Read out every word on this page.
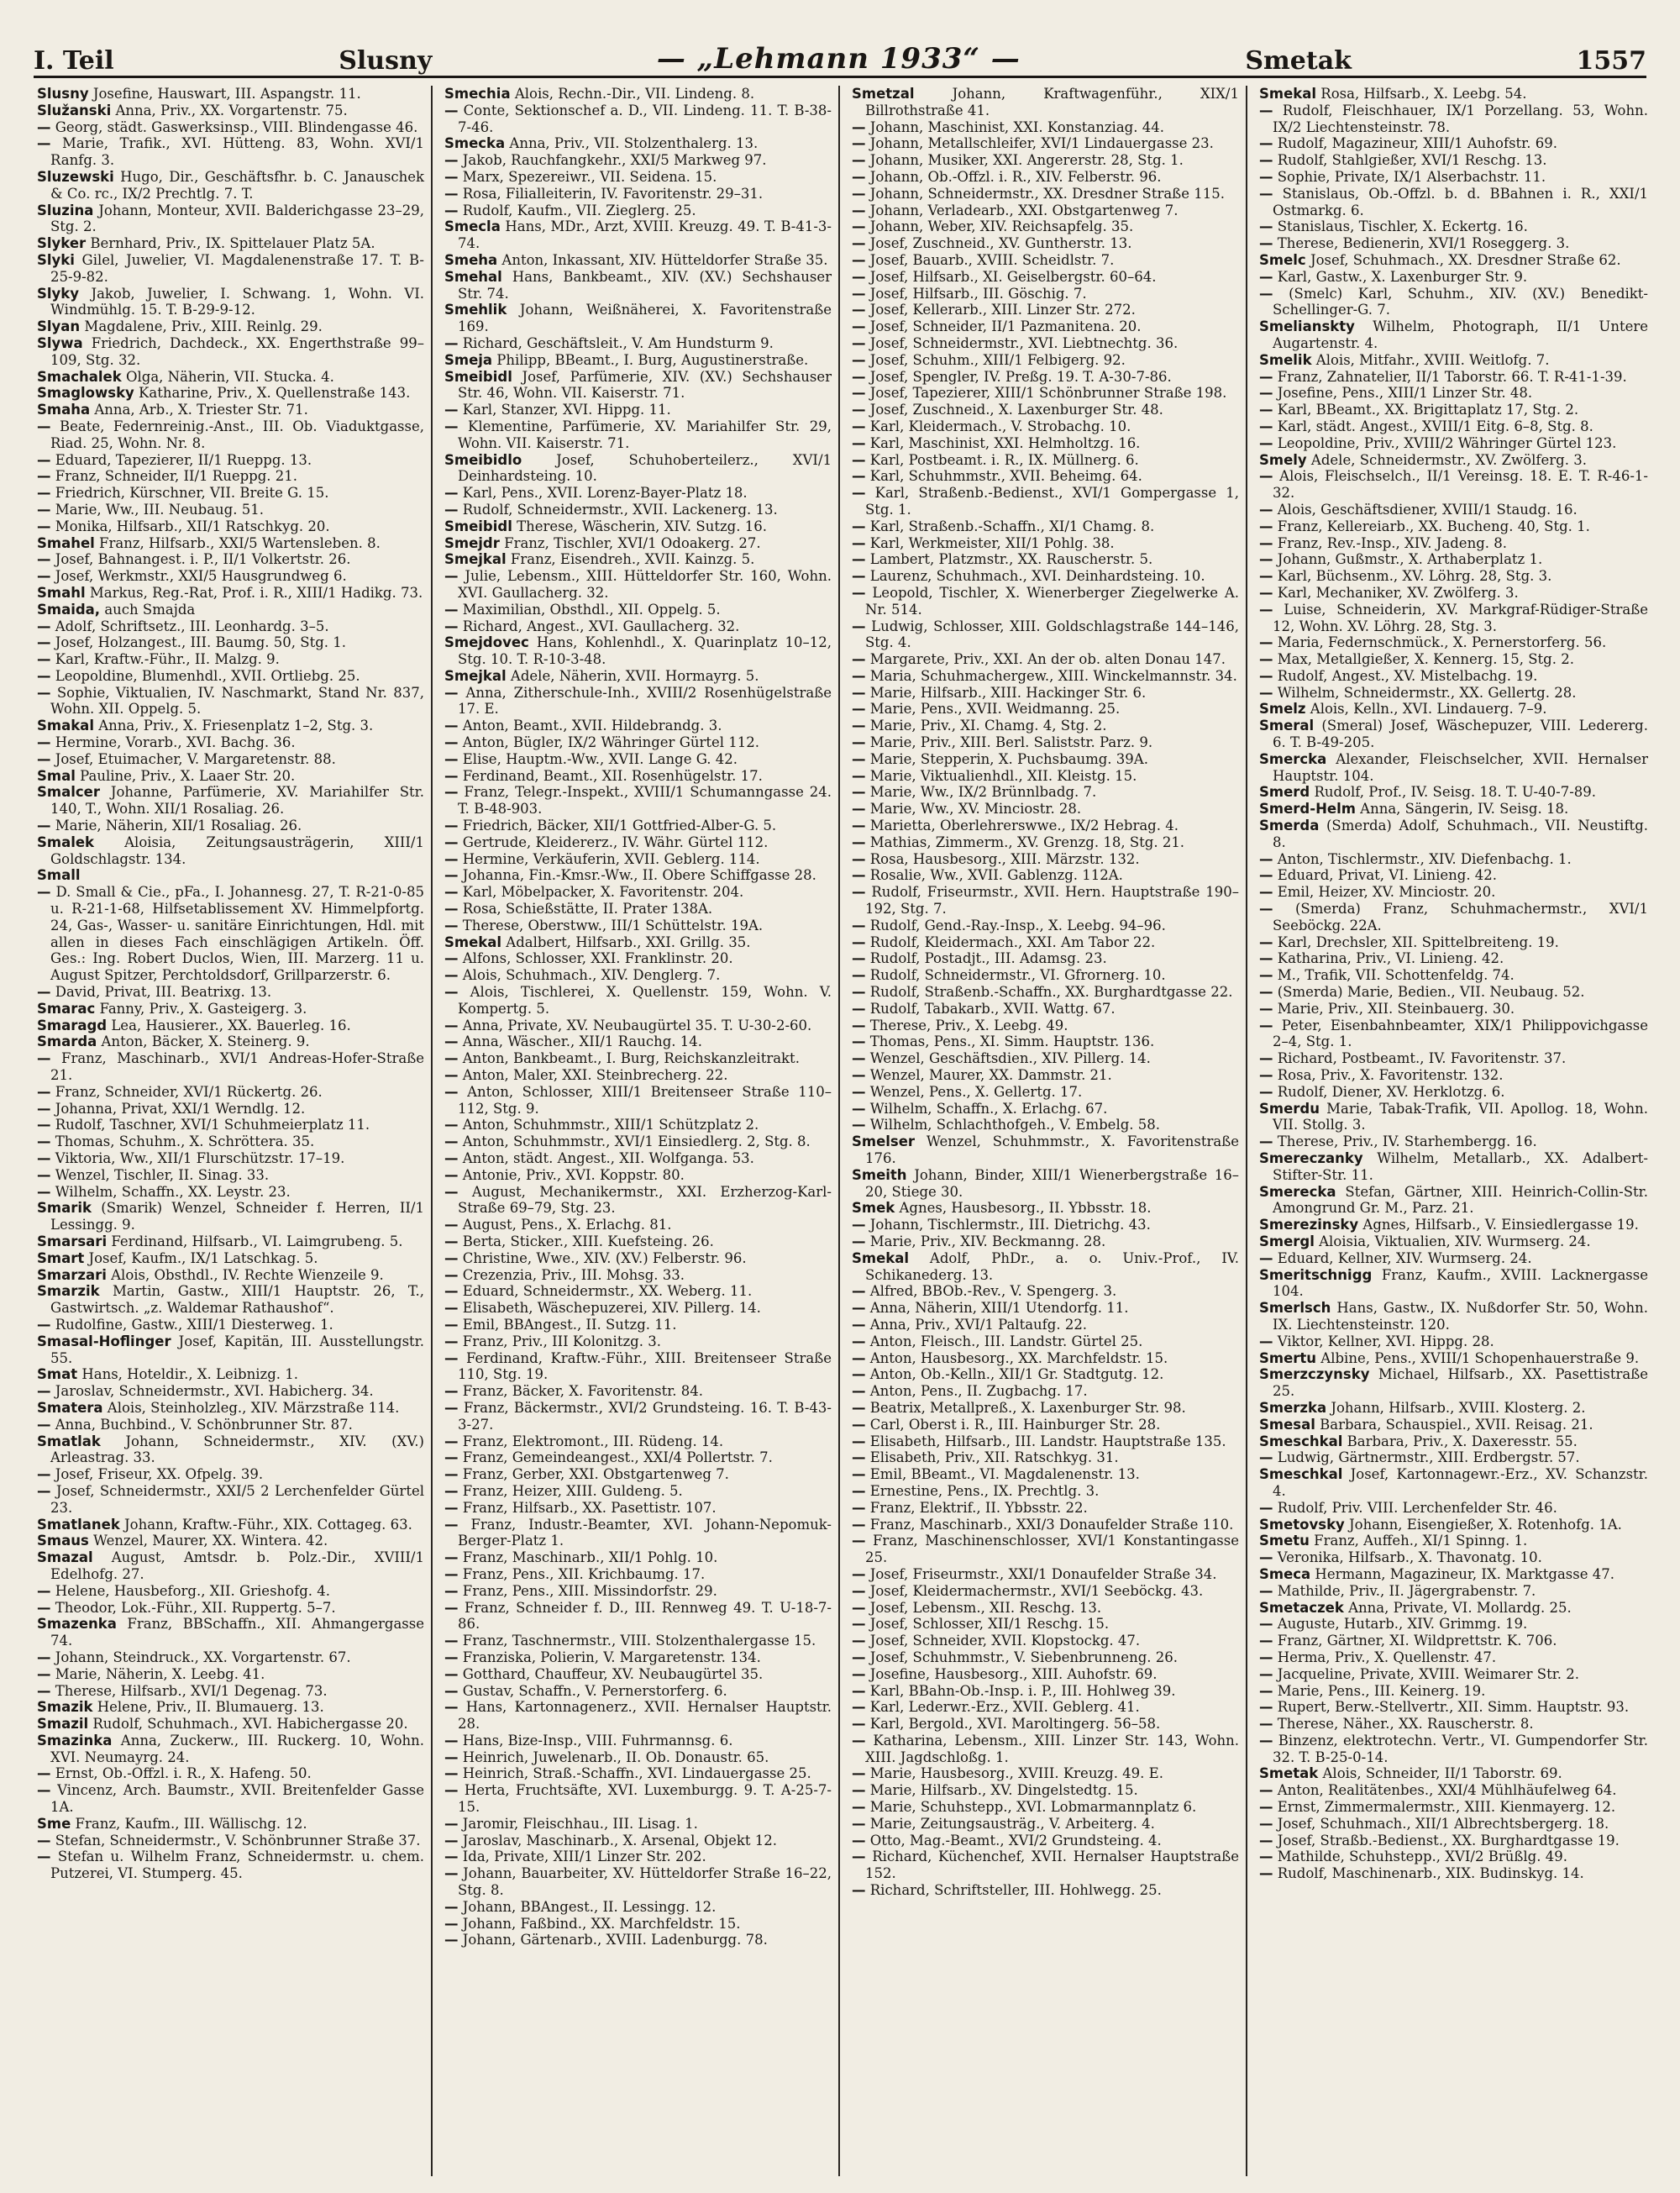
I. Teil	Slusny	— „Lehmann 1933“ —	Smetak	1557
Slusny Josefine, Hauswart, III. Aspangstr. 11.
Služanski Anna, Priv., XX. Vorgartenstr. 75.
— Georg, städt. Gaswerksinsp., VIII. Blindengasse 46.
— Marie, Trafik., XVI. Hütteng. 83, Wohn. XVI/1 Ranfg. 3.
Sluzewski Hugo, Dir., Geschäftsfhr. b. C. Janauschek & Co. rc., IX/2 Prechtlg. 7. T.
Sluzina Johann, Monteur, XVII. Balderichgasse 23–29, Stg. 2.
Slyker Bernhard, Priv., IX. Spittelauer Platz 5A.
Slyki Gilel, Juwelier, VI. Magdalenenstraße 17. T. B-25-9-82.
Slyky Jakob, Juwelier, I. Schwang. 1, Wohn. VI. Windmühlg. 15. T. B-29-9-12.
Slyan Magdalene, Priv., XIII. Reinlg. 29.
Slywa Friedrich, Dachdeck., XX. Engerthstraße 99–109, Stg. 32.
Smachalek Olga, Näherin, VII. Stucka. 4.
Smaglowsky Katharine, Priv., X. Quellenstraße 143.
Smaha Anna, Arb., X. Triester Str. 71.
— Beate, Federnreinig.-Anst., III. Ob. Viaduktgasse, Riad. 25, Wohn. Nr. 8.
— Eduard, Tapezierer, II/1 Rueppg. 13.
— Franz, Schneider, II/1 Rueppg. 21.
— Friedrich, Kürschner, VII. Breite G. 15.
— Marie, Ww., III. Neubaug. 51.
— Monika, Hilfsarb., XII/1 Ratschkyg. 20.
Smahel Franz, Hilfsarb., XXI/5 Wartensleben. 8.
— Josef, Bahnangest. i. P., II/1 Volkertstr. 26.
— Josef, Werkmstr., XXI/5 Hausgrundweg 6.
Smahl Markus, Reg.-Rat, Prof. i. R., XIII/1 Hadikg. 73.
Smaida, auch Smajda
— Adolf, Schriftsetz., III. Leonhardg. 3–5.
— Josef, Holzangest., III. Baumg. 50, Stg. 1.
— Karl, Kraftw.-Führ., II. Malzg. 9.
— Leopoldine, Blumenhdl., XVII. Ortliebg. 25.
— Sophie, Viktualien, IV. Naschmarkt, Stand Nr. 837, Wohn. XII. Oppelg. 5.
Smakal Anna, Priv., X. Friesenplatz 1–2, Stg. 3.
— Hermine, Vorarb., XVI. Bachg. 36.
— Josef, Etuimacher, V. Margaretenstr. 88.
Smal Pauline, Priv., X. Laaer Str. 20.
Smalcer Johanne, Parfümerie, XV. Mariahilfer Str. 140, T., Wohn. XII/1 Rosaliag. 26.
— Marie, Näherin, XII/1 Rosaliag. 26.
Smalek Aloisia, Zeitungsausträgerin, XIII/1 Goldschlagstr. 134.
Small
— D. Small & Cie., pFa., I. Johannesg. 27, T. R-21-0-85 u. R-21-1-68, Hilfsetablissement XV. Himmelpfortg. 24, Gas-, Wasser- u. sanitäre Einrichtungen, Hdl. mit allen in dieses Fach einschlägigen Artikeln. Öff. Ges.: Ing. Robert Duclos, Wien, III. Marzerg. 11 u. August Spitzer, Perchtoldsdorf, Grillparzerstr. 6.
— David, Privat, III. Beatrixg. 13.
Smarac Fanny, Priv., X. Gasteigerg. 3.
Smaragd Lea, Hausierer., XX. Bauerleg. 16.
Smarda Anton, Bäcker, X. Steinerg. 9.
— Franz, Maschinarb., XVI/1 Andreas-Hofer-Straße 21.
— Franz, Schneider, XVI/1 Rückertg. 26.
— Johanna, Privat, XXI/1 Werndlg. 12.
— Rudolf, Taschner, XVI/1 Schuhmeierplatz 11.
— Thomas, Schuhm., X. Schröttera. 35.
— Viktoria, Ww., XII/1 Flurschützstr. 17–19.
— Wenzel, Tischler, II. Sinag. 33.
— Wilhelm, Schaffn., XX. Leystr. 23.
Smarik (Smarik) Wenzel, Schneider f. Herren, II/1 Lessingg. 9.
Smarsari Ferdinand, Hilfsarb., VI. Laimgrubeng. 5.
Smart Josef, Kaufm., IX/1 Latschkag. 5.
Smarzari Alois, Obsthdl., IV. Rechte Wienzeile 9.
Smarzik Martin, Gastw., XIII/1 Hauptstr. 26, T., Gastwirtsch. „z. Waldemar Rathaushof“.
— Rudolfine, Gastw., XIII/1 Diesterweg. 1.
Smasal-Hoflinger Josef, Kapitän, III. Ausstellungstr. 55.
Smat Hans, Hoteldir., X. Leibnizg. 1.
— Jaroslav, Schneidermstr., XVI. Habicherg. 34.
Smatera Alois, Steinholzleg., XIV. Märzstraße 114.
— Anna, Buchbind., V. Schönbrunner Str. 87.
Smatlak Johann, Schneidermstr., XIV. (XV.) Arleastrag. 33.
— Josef, Friseur, XX. Ofpelg. 39.
— Josef, Schneidermstr., XXI/5 2 Lerchenfelder Gürtel 23.
Smatlanek Johann, Kraftw.-Führ., XIX. Cottageg. 63.
Smaus Wenzel, Maurer, XX. Wintera. 42.
Smazal August, Amtsdr. b. Polz.-Dir., XVIII/1 Edelhofg. 27.
— Helene, Hausbeforg., XII. Grieshofg. 4.
— Theodor, Lok.-Führ., XII. Ruppertg. 5–7.
Smazenka Franz, BBSchaffn., XII. Ahmangergasse 74.
— Johann, Steindruck., XX. Vorgartenstr. 67.
— Marie, Näherin, X. Leebg. 41.
— Therese, Hilfsarb., XVI/1 Degenag. 73.
Smazik Helene, Priv., II. Blumauerg. 13.
Smazil Rudolf, Schuhmach., XVI. Habichergasse 20.
Smazinka Anna, Zuckerw., III. Ruckerg. 10, Wohn. XVI. Neumayrg. 24.
— Ernst, Ob.-Offzl. i. R., X. Hafeng. 50.
— Vincenz, Arch. Baumstr., XVII. Breitenfelder Gasse 1A.
Sme Franz, Kaufm., III. Wällischg. 12.
— Stefan, Schneidermstr., V. Schönbrunner Straße 37.
— Stefan u. Wilhelm Franz, Schneidermstr. u. chem. Putzerei, VI. Stumperg. 45.
Smechia Alois, Rechn.-Dir., VII. Lindeng. 8.
— Conte, Sektionschef a. D., VII. Lindeng. 11. T. B-38-7-46.
Smecka Anna, Priv., VII. Stolzenthalerg. 13.
— Jakob, Rauchfangkehr., XXI/5 Markweg 97.
— Marx, Spezereiwr., VII. Seidena. 15.
— Rosa, Filialleiterin, IV. Favoritenstr. 29–31.
— Rudolf, Kaufm., VII. Zieglerg. 25.
Smecla Hans, MDr., Arzt, XVIII. Kreuzg. 49. T. B-41-3-74.
Smeha Anton, Inkassant, XIV. Hütteldorfer Straße 35.
Smehal Hans, Bankbeamt., XIV. (XV.) Sechshauser Str. 74.
Smehlik Johann, Weißnäherei, X. Favoritenstraße 169.
— Richard, Geschäftsleit., V. Am Hundsturm 9.
Smeja Philipp, BBeamt., I. Burg, Augustinerstraße.
Smeibidl Josef, Parfümerie, XIV. (XV.) Sechshauser Str. 46, Wohn. VII. Kaiserstr. 71.
— Karl, Stanzer, XVI. Hippg. 11.
— Klementine, Parfümerie, XV. Mariahilfer Str. 29, Wohn. VII. Kaiserstr. 71.
Smeibidlo Josef, Schuhoberteilerz., XVI/1 Deinhardsteing. 10.
— Karl, Pens., XVII. Lorenz-Bayer-Platz 18.
— Rudolf, Schneidermstr., XVII. Lackenerg. 13.
Smeibidl Therese, Wäscherin, XIV. Sutzg. 16.
Smejdr Franz, Tischler, XVI/1 Odoakerg. 27.
Smejkal Franz, Eisendreh., XVII. Kainzg. 5.
— Julie, Lebensm., XIII. Hütteldorfer Str. 160, Wohn. XVI. Gaullacherg. 32.
— Maximilian, Obsthdl., XII. Oppelg. 5.
— Richard, Angest., XVI. Gaullacherg. 32.
Smejdovec Hans, Kohlenhdl., X. Quarinplatz 10–12, Stg. 10. T. R-10-3-48.
Smejkal Adele, Näherin, XVII. Hormayrg. 5.
— Anna, Zitherschule-Inh., XVIII/2 Rosenhügelstraße 17. E.
— Anton, Beamt., XVII. Hildebrandg. 3.
— Anton, Bügler, IX/2 Währinger Gürtel 112.
— Elise, Hauptm.-Ww., XVII. Lange G. 42.
— Ferdinand, Beamt., XII. Rosenhügelstr. 17.
— Franz, Telegr.-Inspekt., XVIII/1 Schumanngasse 24. T. B-48-903.
— Friedrich, Bäcker, XII/1 Gottfried-Alber-G. 5.
— Gertrude, Kleidererz., IV. Währ. Gürtel 112.
— Hermine, Verkäuferin, XVII. Geblerg. 114.
— Johanna, Fin.-Kmsr.-Ww., II. Obere Schiffgasse 28.
— Karl, Möbelpacker, X. Favoritenstr. 204.
— Rosa, Schießstätte, II. Prater 138A.
— Therese, Oberstww., III/1 Schüttelstr. 19A.
Smekal Adalbert, Hilfsarb., XXI. Grillg. 35.
— Alfons, Schlosser, XXI. Franklinstr. 20.
— Alois, Schuhmach., XIV. Denglerg. 7.
— Alois, Tischlerei, X. Quellenstr. 159, Wohn. V. Kompertg. 5.
— Anna, Private, XV. Neubaugürtel 35. T. U-30-2-60.
— Anna, Wäscher., XII/1 Rauchg. 14.
— Anton, Bankbeamt., I. Burg, Reichskanzleitrakt.
— Anton, Maler, XXI. Steinbrecherg. 22.
— Anton, Schlosser, XIII/1 Breitenseer Straße 110–112, Stg. 9.
— Anton, Schuhmmstr., XIII/1 Schützplatz 2.
— Anton, Schuhmmstr., XVI/1 Einsiedlerg. 2, Stg. 8.
— Anton, städt. Angest., XII. Wolfganga. 53.
— Antonie, Priv., XVI. Koppstr. 80.
— August, Mechanikermstr., XXI. Erzherzog-Karl-Straße 69–79, Stg. 23.
— August, Pens., X. Erlachg. 81.
— Berta, Sticker., XIII. Kuefsteing. 26.
— Christine, Wwe., XIV. (XV.) Felberstr. 96.
— Crezenzia, Priv., III. Mohsg. 33.
— Eduard, Schneidermstr., XX. Weberg. 11.
— Elisabeth, Wäschepuzerei, XIV. Pillerg. 14.
— Emil, BBAngest., II. Sutzg. 11.
— Franz, Priv., III Kolonitzg. 3.
— Ferdinand, Kraftw.-Führ., XIII. Breitenseer Straße 110, Stg. 19.
— Franz, Bäcker, X. Favoritenstr. 84.
— Franz, Bäckermstr., XVI/2 Grundsteing. 16. T. B-43-3-27.
— Franz, Elektromont., III. Rüdeng. 14.
— Franz, Gemeindeangest., XXI/4 Pollertstr. 7.
— Franz, Gerber, XXI. Obstgartenweg 7.
— Franz, Heizer, XIII. Guldeng. 5.
— Franz, Hilfsarb., XX. Pasettistr. 107.
— Franz, Industr.-Beamter, XVI. Johann-Nepomuk-Berger-Platz 1.
— Franz, Maschinarb., XII/1 Pohlg. 10.
— Franz, Pens., XII. Krichbaumg. 17.
— Franz, Pens., XIII. Missindorfstr. 29.
— Franz, Schneider f. D., III. Rennweg 49. T. U-18-7-86.
— Franz, Taschnermstr., VIII. Stolzenthalergasse 15.
— Franziska, Polierin, V. Margaretenstr. 134.
— Gotthard, Chauffeur, XV. Neubaugürtel 35.
— Gustav, Schaffn., V. Pernerstorferg. 6.
— Hans, Kartonnagenerz., XVII. Hernalser Hauptstr. 28.
— Hans, Bize-Insp., VIII. Fuhrmannsg. 6.
— Heinrich, Juwelenarb., II. Ob. Donaustr. 65.
— Heinrich, Straß.-Schaffn., XVI. Lindauergasse 25.
— Herta, Fruchtsäfte, XVI. Luxemburgg. 9. T. A-25-7-15.
— Jaromir, Fleischhau., III. Lisag. 1.
— Jaroslav, Maschinarb., X. Arsenal, Objekt 12.
— Ida, Private, XIII/1 Linzer Str. 202.
— Johann, Bauarbeiter, XV. Hütteldorfer Straße 16–22, Stg. 8.
— Johann, BBAngest., II. Lessingg. 12.
— Johann, Faßbind., XX. Marchfeldstr. 15.
— Johann, Gärtenarb., XVIII. Ladenburgg. 78.
Smetzal Johann, Kraftwagenführ., XIX/1 Billrothstraße 41.
— Johann, Maschinist, XXI. Konstanziag. 44.
— Johann, Metallschleifer, XVI/1 Lindauergasse 23.
— Johann, Musiker, XXI. Angererstr. 28, Stg. 1.
— Johann, Ob.-Offzl. i. R., XIV. Felberstr. 96.
— Johann, Schneidermstr., XX. Dresdner Straße 115.
— Johann, Verladearb., XXI. Obstgartenweg 7.
— Johann, Weber, XIV. Reichsapfelg. 35.
— Josef, Zuschneid., XV. Guntherstr. 13.
— Josef, Bauarb., XVIII. Scheidlstr. 7.
— Josef, Hilfsarb., XI. Geiselbergstr. 60–64.
— Josef, Hilfsarb., III. Göschig. 7.
— Josef, Kellerarb., XIII. Linzer Str. 272.
— Josef, Schneider, II/1 Pazmanitena. 20.
— Josef, Schneidermstr., XVI. Liebtnechtg. 36.
— Josef, Schuhm., XIII/1 Felbigerg. 92.
— Josef, Spengler, IV. Preßg. 19. T. A-30-7-86.
— Josef, Tapezierer, XIII/1 Schönbrunner Straße 198.
— Josef, Zuschneid., X. Laxenburger Str. 48.
— Karl, Kleidermach., V. Strobachg. 10.
— Karl, Maschinist, XXI. Helmholtzg. 16.
— Karl, Postbeamt. i. R., IX. Müllnerg. 6.
— Karl, Schuhmmstr., XVII. Beheimg. 64.
— Karl, Straßenb.-Bedienst., XVI/1 Gompergasse 1, Stg. 1.
— Karl, Straßenb.-Schaffn., XI/1 Chamg. 8.
— Karl, Werkmeister, XII/1 Pohlg. 38.
— Lambert, Platzmstr., XX. Rauscherstr. 5.
— Laurenz, Schuhmach., XVI. Deinhardsteing. 10.
— Leopold, Tischler, X. Wienerberger Ziegelwerke A. Nr. 514.
— Ludwig, Schlosser, XIII. Goldschlagstraße 144–146, Stg. 4.
— Margarete, Priv., XXI. An der ob. alten Donau 147.
— Maria, Schuhmachergew., XIII. Winckelmannstr. 34.
— Marie, Hilfsarb., XIII. Hackinger Str. 6.
— Marie, Pens., XVII. Weidmanng. 25.
— Marie, Priv., XI. Chamg. 4, Stg. 2.
— Marie, Priv., XIII. Berl. Saliststr. Parz. 9.
— Marie, Stepperin, X. Puchsbaumg. 39A.
— Marie, Viktualienhdl., XII. Kleistg. 15.
— Marie, Ww., IX/2 Brünnlbadg. 7.
— Marie, Ww., XV. Minciostr. 28.
— Marietta, Oberlehrerswwe., IX/2 Hebrag. 4.
— Mathias, Zimmerm., XV. Grenzg. 18, Stg. 21.
— Rosa, Hausbesorg., XIII. Märzstr. 132.
— Rosalie, Ww., XVII. Gablenzg. 112A.
— Rudolf, Friseurmstr., XVII. Hern. Hauptstraße 190–192, Stg. 7.
— Rudolf, Gend.-Ray.-Insp., X. Leebg. 94–96.
— Rudolf, Kleidermach., XXI. Am Tabor 22.
— Rudolf, Postadjt., III. Adamsg. 23.
— Rudolf, Schneidermstr., VI. Gfrornerg. 10.
— Rudolf, Straßenb.-Schaffn., XX. Burghardtgasse 22.
— Rudolf, Tabakarb., XVII. Wattg. 67.
— Therese, Priv., X. Leebg. 49.
— Thomas, Pens., XI. Simm. Hauptstr. 136.
— Wenzel, Geschäftsdien., XIV. Pillerg. 14.
— Wenzel, Maurer, XX. Dammstr. 21.
— Wenzel, Pens., X. Gellertg. 17.
— Wilhelm, Schaffn., X. Erlachg. 67.
— Wilhelm, Schlachthofgeh., V. Embelg. 58.
Smelser Wenzel, Schuhmmstr., X. Favoritenstraße 176.
Smeith Johann, Binder, XIII/1 Wienerbergstraße 16–20, Stiege 30.
Smek Agnes, Hausbesorg., II. Ybbsstr. 18.
— Johann, Tischlermstr., III. Dietrichg. 43.
— Marie, Priv., XIV. Beckmanng. 28.
Smekal Adolf, PhDr., a. o. Univ.-Prof., IV. Schikanederg. 13.
— Alfred, BBOb.-Rev., V. Spengerg. 3.
— Anna, Näherin, XIII/1 Utendorfg. 11.
— Anna, Priv., XVI/1 Paltaufg. 22.
— Anton, Fleisch., III. Landstr. Gürtel 25.
— Anton, Hausbesorg., XX. Marchfeldstr. 15.
— Anton, Ob.-Kelln., XII/1 Gr. Stadtgutg. 12.
— Anton, Pens., II. Zugbachg. 17.
— Beatrix, Metallpreß., X. Laxenburger Str. 98.
— Carl, Oberst i. R., III. Hainburger Str. 28.
— Elisabeth, Hilfsarb., III. Landstr. Hauptstraße 135.
— Elisabeth, Priv., XII. Ratschkyg. 31.
— Emil, BBeamt., VI. Magdalenenstr. 13.
— Ernestine, Pens., IX. Prechtlg. 3.
— Franz, Elektrif., II. Ybbsstr. 22.
— Franz, Maschinarb., XXI/3 Donaufelder Straße 110.
— Franz, Maschinenschlosser, XVI/1 Konstantingasse 25.
— Josef, Friseurmstr., XXI/1 Donaufelder Straße 34.
— Josef, Kleidermachermstr., XVI/1 Seeböckg. 43.
— Josef, Lebensm., XII. Reschg. 13.
— Josef, Schlosser, XII/1 Reschg. 15.
— Josef, Schneider, XVII. Klopstockg. 47.
— Josef, Schuhmmstr., V. Siebenbrunneng. 26.
— Josefine, Hausbesorg., XIII. Auhofstr. 69.
— Karl, BBahn-Ob.-Insp. i. P., III. Hohlweg 39.
— Karl, Lederwr.-Erz., XVII. Geblerg. 41.
— Karl, Bergold., XVI. Maroltingerg. 56–58.
— Katharina, Lebensm., XIII. Linzer Str. 143, Wohn. XIII. Jagdschloßg. 1.
— Marie, Hausbesorg., XVIII. Kreuzg. 49. E.
— Marie, Hilfsarb., XV. Dingelstedtg. 15.
— Marie, Schuhstepp., XVI. Lobmarmannplatz 6.
— Marie, Zeitungsausträg., V. Arbeiterg. 4.
— Otto, Mag.-Beamt., XVI/2 Grundsteing. 4.
— Richard, Küchenchef, XVII. Hernalser Hauptstraße 152.
— Richard, Schriftsteller, III. Hohlwegg. 25.
Smekal Rosa, Hilfsarb., X. Leebg. 54.
— Rudolf, Fleischhauer, IX/1 Porzellang. 53, Wohn. IX/2 Liechtensteinstr. 78.
— Rudolf, Magazineur, XIII/1 Auhofstr. 69.
— Rudolf, Stahlgießer, XVI/1 Reschg. 13.
— Sophie, Private, IX/1 Alserbachstr. 11.
— Stanislaus, Ob.-Offzl. b. d. BBahnen i. R., XXI/1 Ostmarkg. 6.
— Stanislaus, Tischler, X. Eckertg. 16.
— Therese, Bedienerin, XVI/1 Roseggerg. 3.
Smelc Josef, Schuhmach., XX. Dresdner Straße 62.
— Karl, Gastw., X. Laxenburger Str. 9.
— (Smelc) Karl, Schuhm., XIV. (XV.) Benedikt-Schellinger-G. 7.
Smelianskty Wilhelm, Photograph, II/1 Untere Augartenstr. 4.
Smelik Alois, Mitfahr., XVIII. Weitlofg. 7.
— Franz, Zahnatelier, II/1 Taborstr. 66. T. R-41-1-39.
— Josefine, Pens., XIII/1 Linzer Str. 48.
— Karl, BBeamt., XX. Brigittaplatz 17, Stg. 2.
— Karl, städt. Angest., XVIII/1 Eitg. 6–8, Stg. 8.
— Leopoldine, Priv., XVIII/2 Währinger Gürtel 123.
Smely Adele, Schneidermstr., XV. Zwölferg. 3.
— Alois, Fleischselch., II/1 Vereinsg. 18. E. T. R-46-1-32.
— Alois, Geschäftsdiener, XVIII/1 Staudg. 16.
— Franz, Kellereiarb., XX. Bucheng. 40, Stg. 1.
— Franz, Rev.-Insp., XIV. Jadeng. 8.
— Johann, Gußmstr., X. Arthaberplatz 1.
— Karl, Büchsenm., XV. Löhrg. 28, Stg. 3.
— Karl, Mechaniker, XV. Zwölferg. 3.
— Luise, Schneiderin, XV. Markgraf-Rüdiger-Straße 12, Wohn. XV. Löhrg. 28, Stg. 3.
— Maria, Federnschmück., X. Pernerstorferg. 56.
— Max, Metallgießer, X. Kennerg. 15, Stg. 2.
— Rudolf, Angest., XV. Mistelbachg. 19.
— Wilhelm, Schneidermstr., XX. Gellertg. 28.
Smelz Alois, Kelln., XVI. Lindauerg. 7–9.
Smeral (Smeral) Josef, Wäschepuzer, VIII. Ledererg. 6. T. B-49-205.
Smercka Alexander, Fleischselcher, XVII. Hernalser Hauptstr. 104.
Smerd Rudolf, Prof., IV. Seisg. 18. T. U-40-7-89.
Smerd-Helm Anna, Sängerin, IV. Seisg. 18.
Smerda (Smerda) Adolf, Schuhmach., VII. Neustiftg. 8.
— Anton, Tischlermstr., XIV. Diefenbachg. 1.
— Eduard, Privat, VI. Linieng. 42.
— Emil, Heizer, XV. Minciostr. 20.
— (Smerda) Franz, Schuhmachermstr., XVI/1 Seeböckg. 22A.
— Karl, Drechsler, XII. Spittelbreiteng. 19.
— Katharina, Priv., VI. Linieng. 42.
— M., Trafik, VII. Schottenfeldg. 74.
— (Smerda) Marie, Bedien., VII. Neubaug. 52.
— Marie, Priv., XII. Steinbauerg. 30.
— Peter, Eisenbahnbeamter, XIX/1 Philippovichgasse 2–4, Stg. 1.
— Richard, Postbeamt., IV. Favoritenstr. 37.
— Rosa, Priv., X. Favoritenstr. 132.
— Rudolf, Diener, XV. Herklotzg. 6.
Smerdu Marie, Tabak-Trafik, VII. Apollog. 18, Wohn. VII. Stollg. 3.
— Therese, Priv., IV. Starhembergg. 16.
Smereczanky Wilhelm, Metallarb., XX. Adalbert-Stifter-Str. 11.
Smerecka Stefan, Gärtner, XIII. Heinrich-Collin-Str. Amongrund Gr. M., Parz. 21.
Smerezinsky Agnes, Hilfsarb., V. Einsiedlergasse 19.
Smergl Aloisia, Viktualien, XIV. Wurmserg. 24.
— Eduard, Kellner, XIV. Wurmserg. 24.
Smeritschnigg Franz, Kaufm., XVIII. Lacknergasse 104.
Smerlsch Hans, Gastw., IX. Nußdorfer Str. 50, Wohn. IX. Liechtensteinstr. 120.
— Viktor, Kellner, XVI. Hippg. 28.
Smertu Albine, Pens., XVIII/1 Schopenhauerstraße 9.
Smerzczynsky Michael, Hilfsarb., XX. Pasettistraße 25.
Smerzka Johann, Hilfsarb., XVIII. Klosterg. 2.
Smesal Barbara, Schauspiel., XVII. Reisag. 21.
Smeschkal Barbara, Priv., X. Daxeresstr. 55.
— Ludwig, Gärtnermstr., XIII. Erdbergstr. 57.
Smeschkal Josef, Kartonnagewr.-Erz., XV. Schanzstr. 4.
— Rudolf, Priv. VIII. Lerchenfelder Str. 46.
Smetovsky Johann, Eisengießer, X. Rotenhofg. 1A.
Smetu Franz, Auffeh., XI/1 Spinng. 1.
— Veronika, Hilfsarb., X. Thavonatg. 10.
Smeca Hermann, Magazineur, IX. Marktgasse 47.
— Mathilde, Priv., II. Jägergrabenstr. 7.
Smetaczek Anna, Private, VI. Mollardg. 25.
— Auguste, Hutarb., XIV. Grimmg. 19.
— Franz, Gärtner, XI. Wildprettstr. K. 706.
— Herma, Priv., X. Quellenstr. 47.
— Jacqueline, Private, XVIII. Weimarer Str. 2.
— Marie, Pens., III. Keinerg. 19.
— Rupert, Berw.-Stellvertr., XII. Simm. Hauptstr. 93.
— Therese, Näher., XX. Rauscherstr. 8.
— Binzenz, elektrotechn. Vertr., VI. Gumpendorfer Str. 32. T. B-25-0-14.
Smetak Alois, Schneider, II/1 Taborstr. 69.
— Anton, Realitätenbes., XXI/4 Mühlhäufelweg 64.
— Ernst, Zimmermalermstr., XIII. Kienmayerg. 12.
— Josef, Schuhmach., XII/1 Albrechtsbergerg. 18.
— Josef, Straßb.-Bedienst., XX. Burghardtgasse 19.
— Mathilde, Schuhstepp., XVI/2 Brüßlg. 49.
— Rudolf, Maschinenarb., XIX. Budinskyg. 14.
